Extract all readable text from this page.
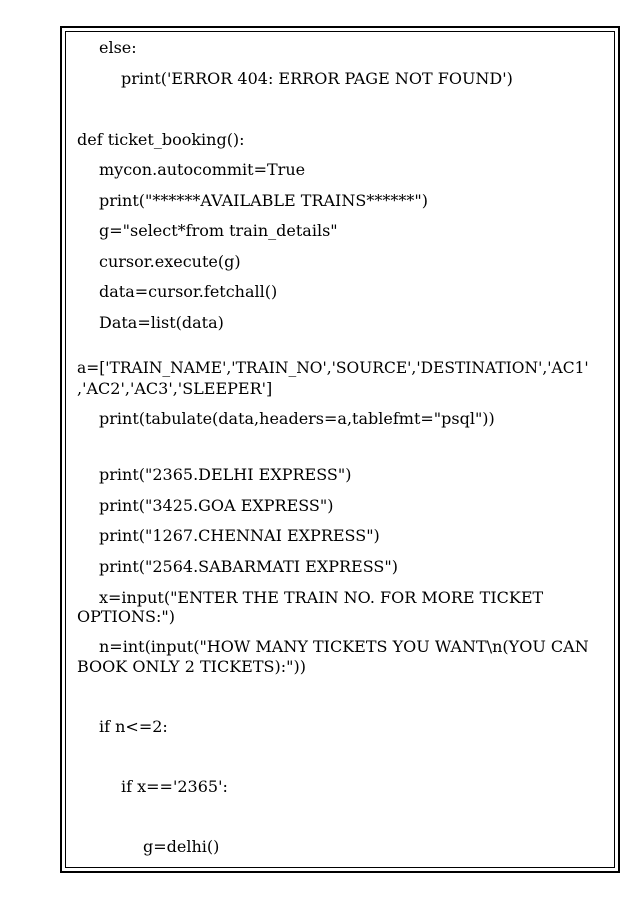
else:
print('ERROR 404: ERROR PAGE NOT FOUND')
def ticket_booking():
mycon.autocommit=True
print("******AVAILABLE TRAINS******")
g="select*from train_details"
cursor.execute(g)
data=cursor.fetchall()
Data=list(data)
a=['TRAIN_NAME','TRAIN_NO','SOURCE','DESTINATION','AC1'
,'AC2','AC3','SLEEPER']
print(tabulate(data,headers=a,tablefmt="psql"))
print("2365.DELHI EXPRESS")
print("3425.GOA EXPRESS")
print("1267.CHENNAI EXPRESS")
print("2564.SABARMATI EXPRESS")
x=input("ENTER THE TRAIN NO. FOR MORE TICKET
OPTIONS:")
n=int(input("HOW MANY TICKETS YOU WANT\n(YOU CAN
BOOK ONLY 2 TICKETS):"))
if n<=2:
if x=='2365':
g=delhi()
